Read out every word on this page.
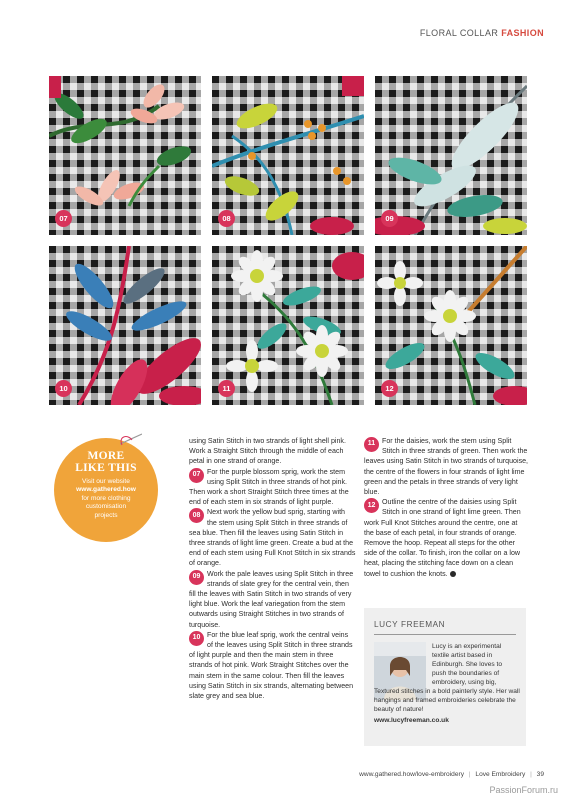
FLORAL COLLAR FASHION
07	08	09
10	11	12
MORE
LIKE THIS
Visit our website
www.gathered.how
for more clothing
customisation
projects

using Satin Stitch in two strands of light shell pink. Work a Straight Stitch through the middle of each petal in one strand of orange.

07 For the purple blossom sprig, work the stem using Split Stitch in three strands of hot pink. Then work a short Straight Stitch three times at the end of each stem in six strands of light purple.

08 Next work the yellow bud sprig, starting with the stem using Split Stitch in three strands of sea blue. Then fill the leaves using Satin Stitch in three strands of light lime green. Create a bud at the end of each stem using Full Knot Stitch in six strands of orange.

09 Work the pale leaves using Split Stitch in three strands of slate grey for the central vein, then fill the leaves with Satin Stitch in two strands of very light blue. Work the leaf variegation from the stem outwards using Straight Stitches in two strands of turquoise.

10 For the blue leaf sprig, work the central veins of the leaves using Split Stitch in three strands of light purple and then the main stem in three strands of hot pink. Work Straight Stitches over the main stem in the same colour. Then fill the leaves using Satin Stitch in six strands, alternating between slate grey and sea blue.

11 For the daisies, work the stem using Split Stitch in three strands of green. Then work the leaves using Satin Stitch in two strands of turquoise, the centre of the flowers in four strands of light lime green and the petals in three strands of very light blue.

12 Outline the centre of the daisies using Split Stitch in one strand of light lime green. Then work Full Knot Stitches around the centre, one at the base of each petal, in four strands of orange. Remove the hoop. Repeat all steps for the other side of the collar. To finish, iron the collar on a low heat, placing the stitching face down on a clean towel to cushion the knots.

LUCY FREEMAN
Lucy is an experimental
textile artist based in
Edinburgh. She loves to
push the boundaries of
embroidery, using big,
Textured stitches in a bold painterly style. Her wall hangings and framed embroideries celebrate the beauty of nature!
www.lucyfreeman.co.uk
www.gathered.how/love-embroidery | Love Embroidery | 39
PassionForum.ru
